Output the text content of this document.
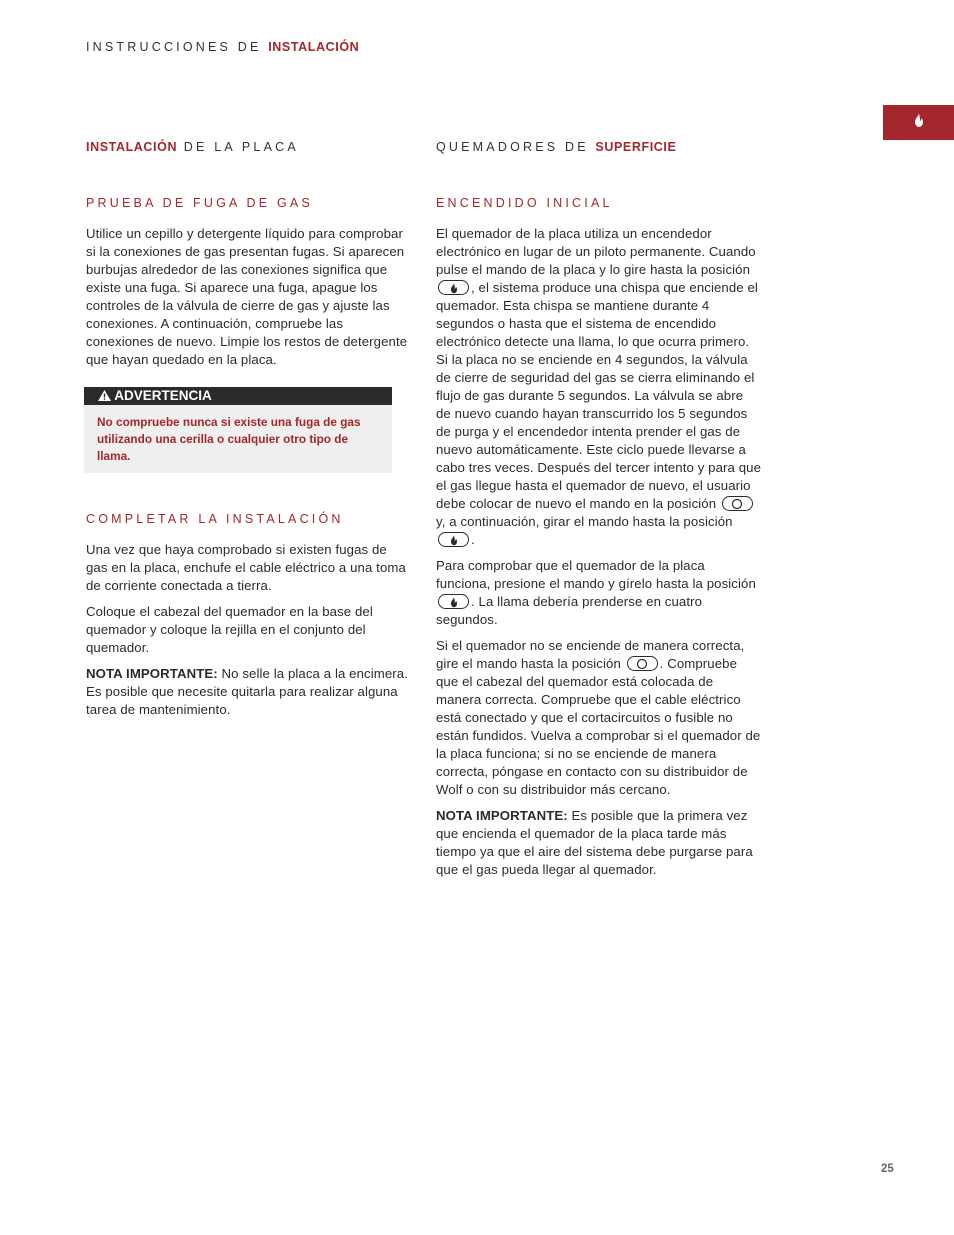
INSTRUCCIONES DE INSTALACIÓN
INSTALACIÓN DE LA PLACA
PRUEBA DE FUGA DE GAS

Utilice un cepillo y detergente líquido para comprobar si la conexiones de gas presentan fugas. Si aparecen burbujas alrededor de las conexiones significa que existe una fuga. Si aparece una fuga, apague los controles de la válvula de cierre de gas y ajuste las conexiones. A continuación, compruebe las conexiones de nuevo. Limpie los restos de detergente que hayan quedado en la placa.

ADVERTENCIA
No compruebe nunca si existe una fuga de gas utilizando una cerilla o cualquier otro tipo de llama.
COMPLETAR LA INSTALACIÓN

Una vez que haya comprobado si existen fugas de gas en la placa, enchufe el cable eléctrico a una toma de corriente conectada a tierra.

Coloque el cabezal del quemador en la base del quemador y coloque la rejilla en el conjunto del quemador.

NOTA IMPORTANTE: No selle la placa a la encimera. Es posible que necesite quitarla para realizar alguna tarea de mantenimiento.

QUEMADORES DE SUPERFICIE
ENCENDIDO INICIAL

El quemador de la placa utiliza un encendedor electrónico en lugar de un piloto permanente. Cuando pulse el mando de la placa y lo gire hasta la posición
, el sistema produce una chispa que enciende el quemador. Esta chispa se mantiene durante 4 segundos o hasta que el sistema de encendido electrónico detecte una llama, lo que ocurra primero. Si la placa no se enciende en 4 segundos, la válvula de cierre de seguridad del gas se cierra eliminando el flujo de gas durante 5 segundos. La válvula se abre de nuevo cuando hayan transcurrido los 5 segundos de purga y el encendedor intenta prender el gas de nuevo automáticamente. Este ciclo puede llevarse a cabo tres veces. Después del tercer intento y para que el gas llegue hasta el quemador de nuevo, el usuario debe colocar de nuevo el mando en la posición
y, a continuación, girar el mando hasta la posición
.

Para comprobar que el quemador de la placa funciona, presione el mando y gírelo hasta la posición
. La llama debería prenderse en cuatro segundos.

Si el quemador no se enciende de manera correcta, gire el mando hasta la posición	. Compruebe que el cabezal del quemador está colocada de manera correcta. Compruebe que el cable eléctrico está conectado y que el cortacircuitos o fusible no están fundidos. Vuelva a comprobar si el quemador de la placa funciona; si no se enciende de manera correcta, póngase en contacto con su distribuidor de Wolf o con su distribuidor más cercano.

NOTA IMPORTANTE: Es posible que la primera vez que encienda el quemador de la placa tarde más tiempo ya que el aire del sistema debe purgarse para que el gas pueda llegar al quemador.

25
